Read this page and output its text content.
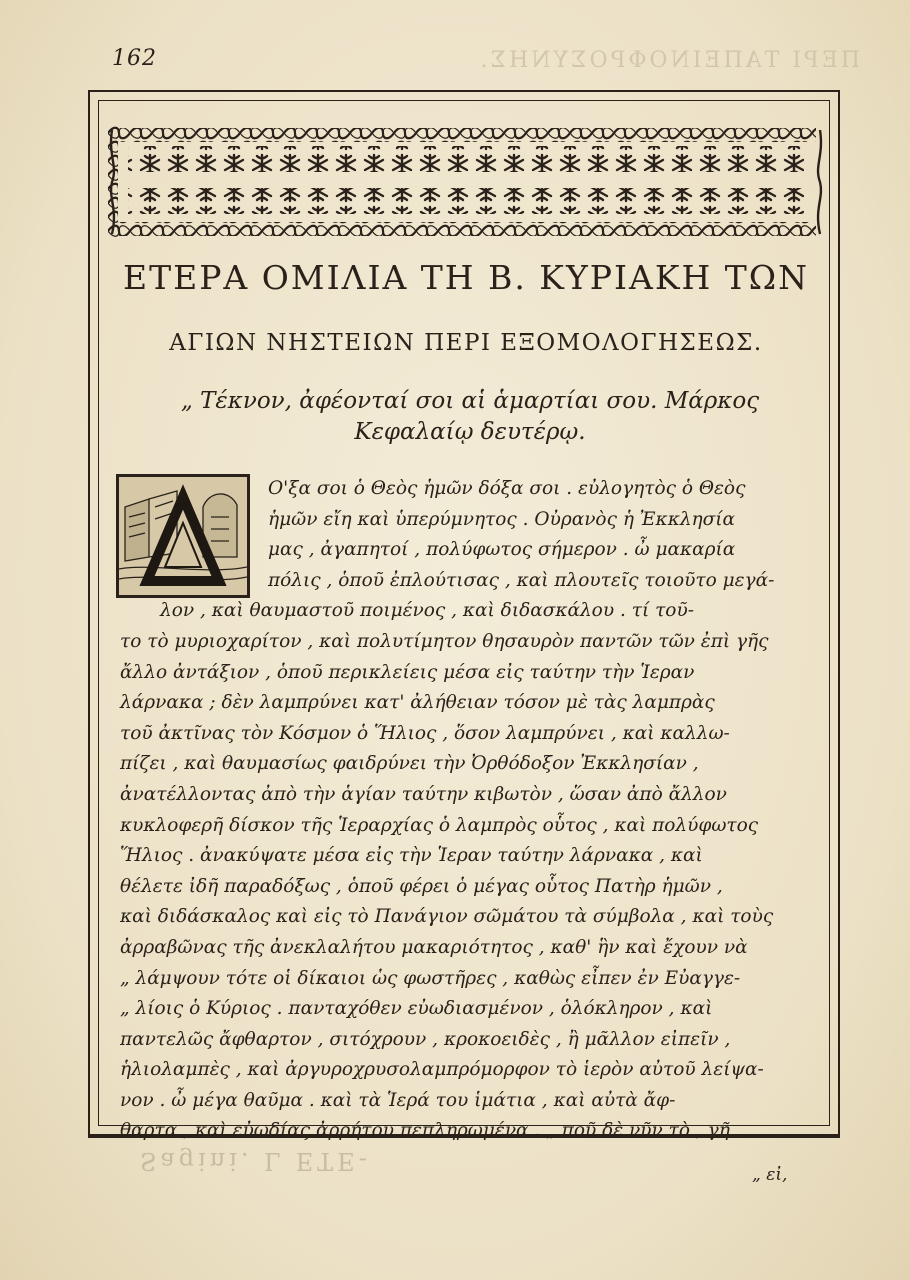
ΠΕΡΙ ΤΑΠΕΙΝΟΦΡΟΣΥΝΗΣ.
162
ΕΤΕΡΑ ΟΜΙΛΙΑ ΤΗ Β. ΚΥΡΙΑΚΗ ΤΩΝ
ΑΓΙΩΝ ΝΗΣΤΕΙΩΝ ΠΕΡΙ ΕΞΟΜΟΛΟΓΗΣΕΩΣ.
„ Τέκνον, ἀφέονταί σοι αἱ ἁμαρτίαι σου. Μάρκος
Κεφαλαίῳ δευτέρῳ.
Ο'ξα σοι ὁ Θεὸς ἡμῶν δόξα σοι . εὐλογητὸς ὁ Θεὸς
ἡμῶν εἴη καὶ ὑπερύμνητος . Οὐρανὸς ἡ Ἐκκλησία
μας , ἀγαπητοί , πολύφωτος σήμερον . ὦ μακαρία
πόλις , ὁποῦ ἐπλούτισας , καὶ πλουτεῖς τοιοῦτο μεγά-
λον , καὶ θαυμαστοῦ ποιμένος , καὶ διδασκάλου . τί τοῦ-
το τὸ μυριοχαρίτον , καὶ πολυτίμητον θησαυρὸν παντῶν τῶν ἐπὶ γῆς
ἄλλο ἀντάξιον , ὁποῦ περικλείεις μέσα εἰς ταύτην τὴν Ἱεραν
λάρνακα ; δὲν λαμπρύνει κατ' ἀλήθειαν τόσον μὲ τὰς λαμπρὰς
τοῦ ἀκτῖνας τὸν Κόσμον ὁ Ἥλιος , ὅσον λαμπρύνει , καὶ καλλω-
πίζει , καὶ θαυμασίως φαιδρύνει τὴν Ὀρθόδοξον Ἐκκλησίαν ,
ἀνατέλλοντας ἀπὸ τὴν ἁγίαν ταύτην κιβωτὸν , ὥσαν ἀπὸ ἄλλον
κυκλοφερῆ δίσκον τῆς Ἱεραρχίας ὁ λαμπρὸς οὗτος , καὶ πολύφωτος
Ἥλιος . ἀνακύψατε μέσα εἰς τὴν Ἱεραν ταύτην λάρνακα , καὶ
θέλετε ἰδῆ παραδόξως , ὁποῦ φέρει ὁ μέγας οὗτος Πατὴρ ἡμῶν ,
καὶ διδάσκαλος καὶ εἰς τὸ Πανάγιον σῶμάτου τὰ σύμβολα , καὶ τοὺς
ἀρραβῶνας τῆς ἀνεκλαλήτου μακαριότητος , καθ' ἣν καὶ ἔχουν νὰ
„ λάμψουν τότε οἱ δίκαιοι ὡς φωστῆρες , καθὼς εἶπεν ἐν Εὐαγγε-
„ λίοις ὁ Κύριος . πανταχόθεν εὐωδιασμένον , ὁλόκληρον , καὶ
παντελῶς ἄφθαρτον , σιτόχρουν , κροκοειδὲς , ἢ μᾶλλον εἰπεῖν ,
ἡλιολαμπὲς , καὶ ἀργυροχρυσολαμπρόμορφον τὸ ἱερὸν αὐτοῦ λείψα-
νον . ὦ μέγα θαῦμα . καὶ τὰ Ἱερά του ἱμάτια , καὶ αὐτὰ ἄφ-
θαρτα , καὶ εὐωδίας ἀρρήτου πεπληρωμένα . „ ποῦ δὲ νῦν τὸ , γῆ
Sagini. L ΕΤΕ-	„ εἰ,
